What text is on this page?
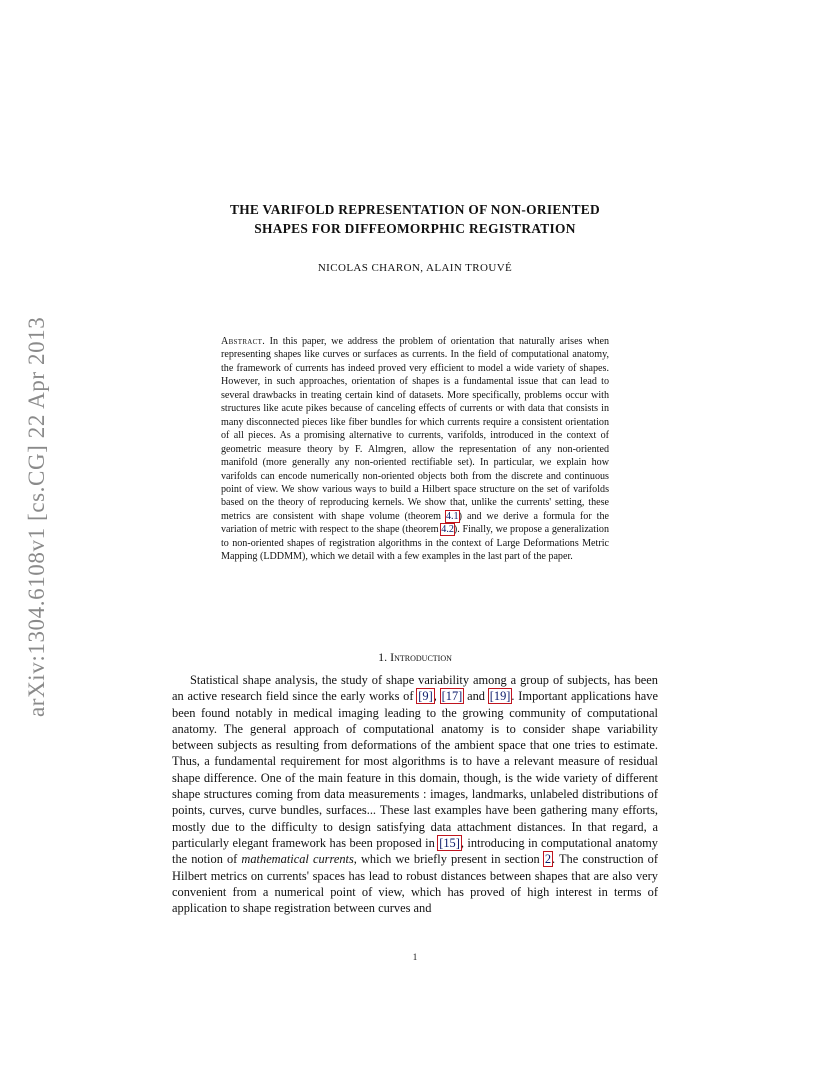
arXiv:1304.6108v1 [cs.CG] 22 Apr 2013
THE VARIFOLD REPRESENTATION OF NON-ORIENTED
SHAPES FOR DIFFEOMORPHIC REGISTRATION
NICOLAS CHARON, ALAIN TROUVÉ
Abstract. In this paper, we address the problem of orientation that naturally arises when representing shapes like curves or surfaces as currents. In the field of computational anatomy, the framework of currents has indeed proved very efficient to model a wide variety of shapes. However, in such approaches, orientation of shapes is a fundamental issue that can lead to several drawbacks in treating certain kind of datasets. More specifically, problems occur with structures like acute pikes because of canceling effects of currents or with data that consists in many disconnected pieces like fiber bundles for which currents require a consistent orientation of all pieces. As a promising alternative to currents, varifolds, introduced in the context of geometric measure theory by F. Almgren, allow the representation of any non-oriented manifold (more generally any non-oriented rectifiable set). In particular, we explain how varifolds can encode numerically non-oriented objects both from the discrete and continuous point of view. We show various ways to build a Hilbert space structure on the set of varifolds based on the theory of reproducing kernels. We show that, unlike the currents' setting, these metrics are consistent with shape volume (theorem 4.1) and we derive a formula for the variation of metric with respect to the shape (theorem 4.2). Finally, we propose a generalization to non-oriented shapes of registration algorithms in the context of Large Deformations Metric Mapping (LDDMM), which we detail with a few examples in the last part of the paper.
1. Introduction

Statistical shape analysis, the study of shape variability among a group of subjects, has been an active research field since the early works of [9], [17] and [19]. Important applications have been found notably in medical imaging leading to the growing community of computational anatomy. The general approach of computational anatomy is to consider shape variability between subjects as resulting from deformations of the ambient space that one tries to estimate. Thus, a fundamental requirement for most algorithms is to have a relevant measure of residual shape difference. One of the main feature in this domain, though, is the wide variety of different shape structures coming from data measurements : images, landmarks, unlabeled distributions of points, curves, curve bundles, surfaces... These last examples have been gathering many efforts, mostly due to the difficulty to design satisfying data attachment distances. In that regard, a particularly elegant framework has been proposed in [15], introducing in computational anatomy the notion of mathematical currents, which we briefly present in section 2. The construction of Hilbert metrics on currents' spaces has lead to robust distances between shapes that are also very convenient from a numerical point of view, which has proved of high interest in terms of application to shape registration between curves and

1
